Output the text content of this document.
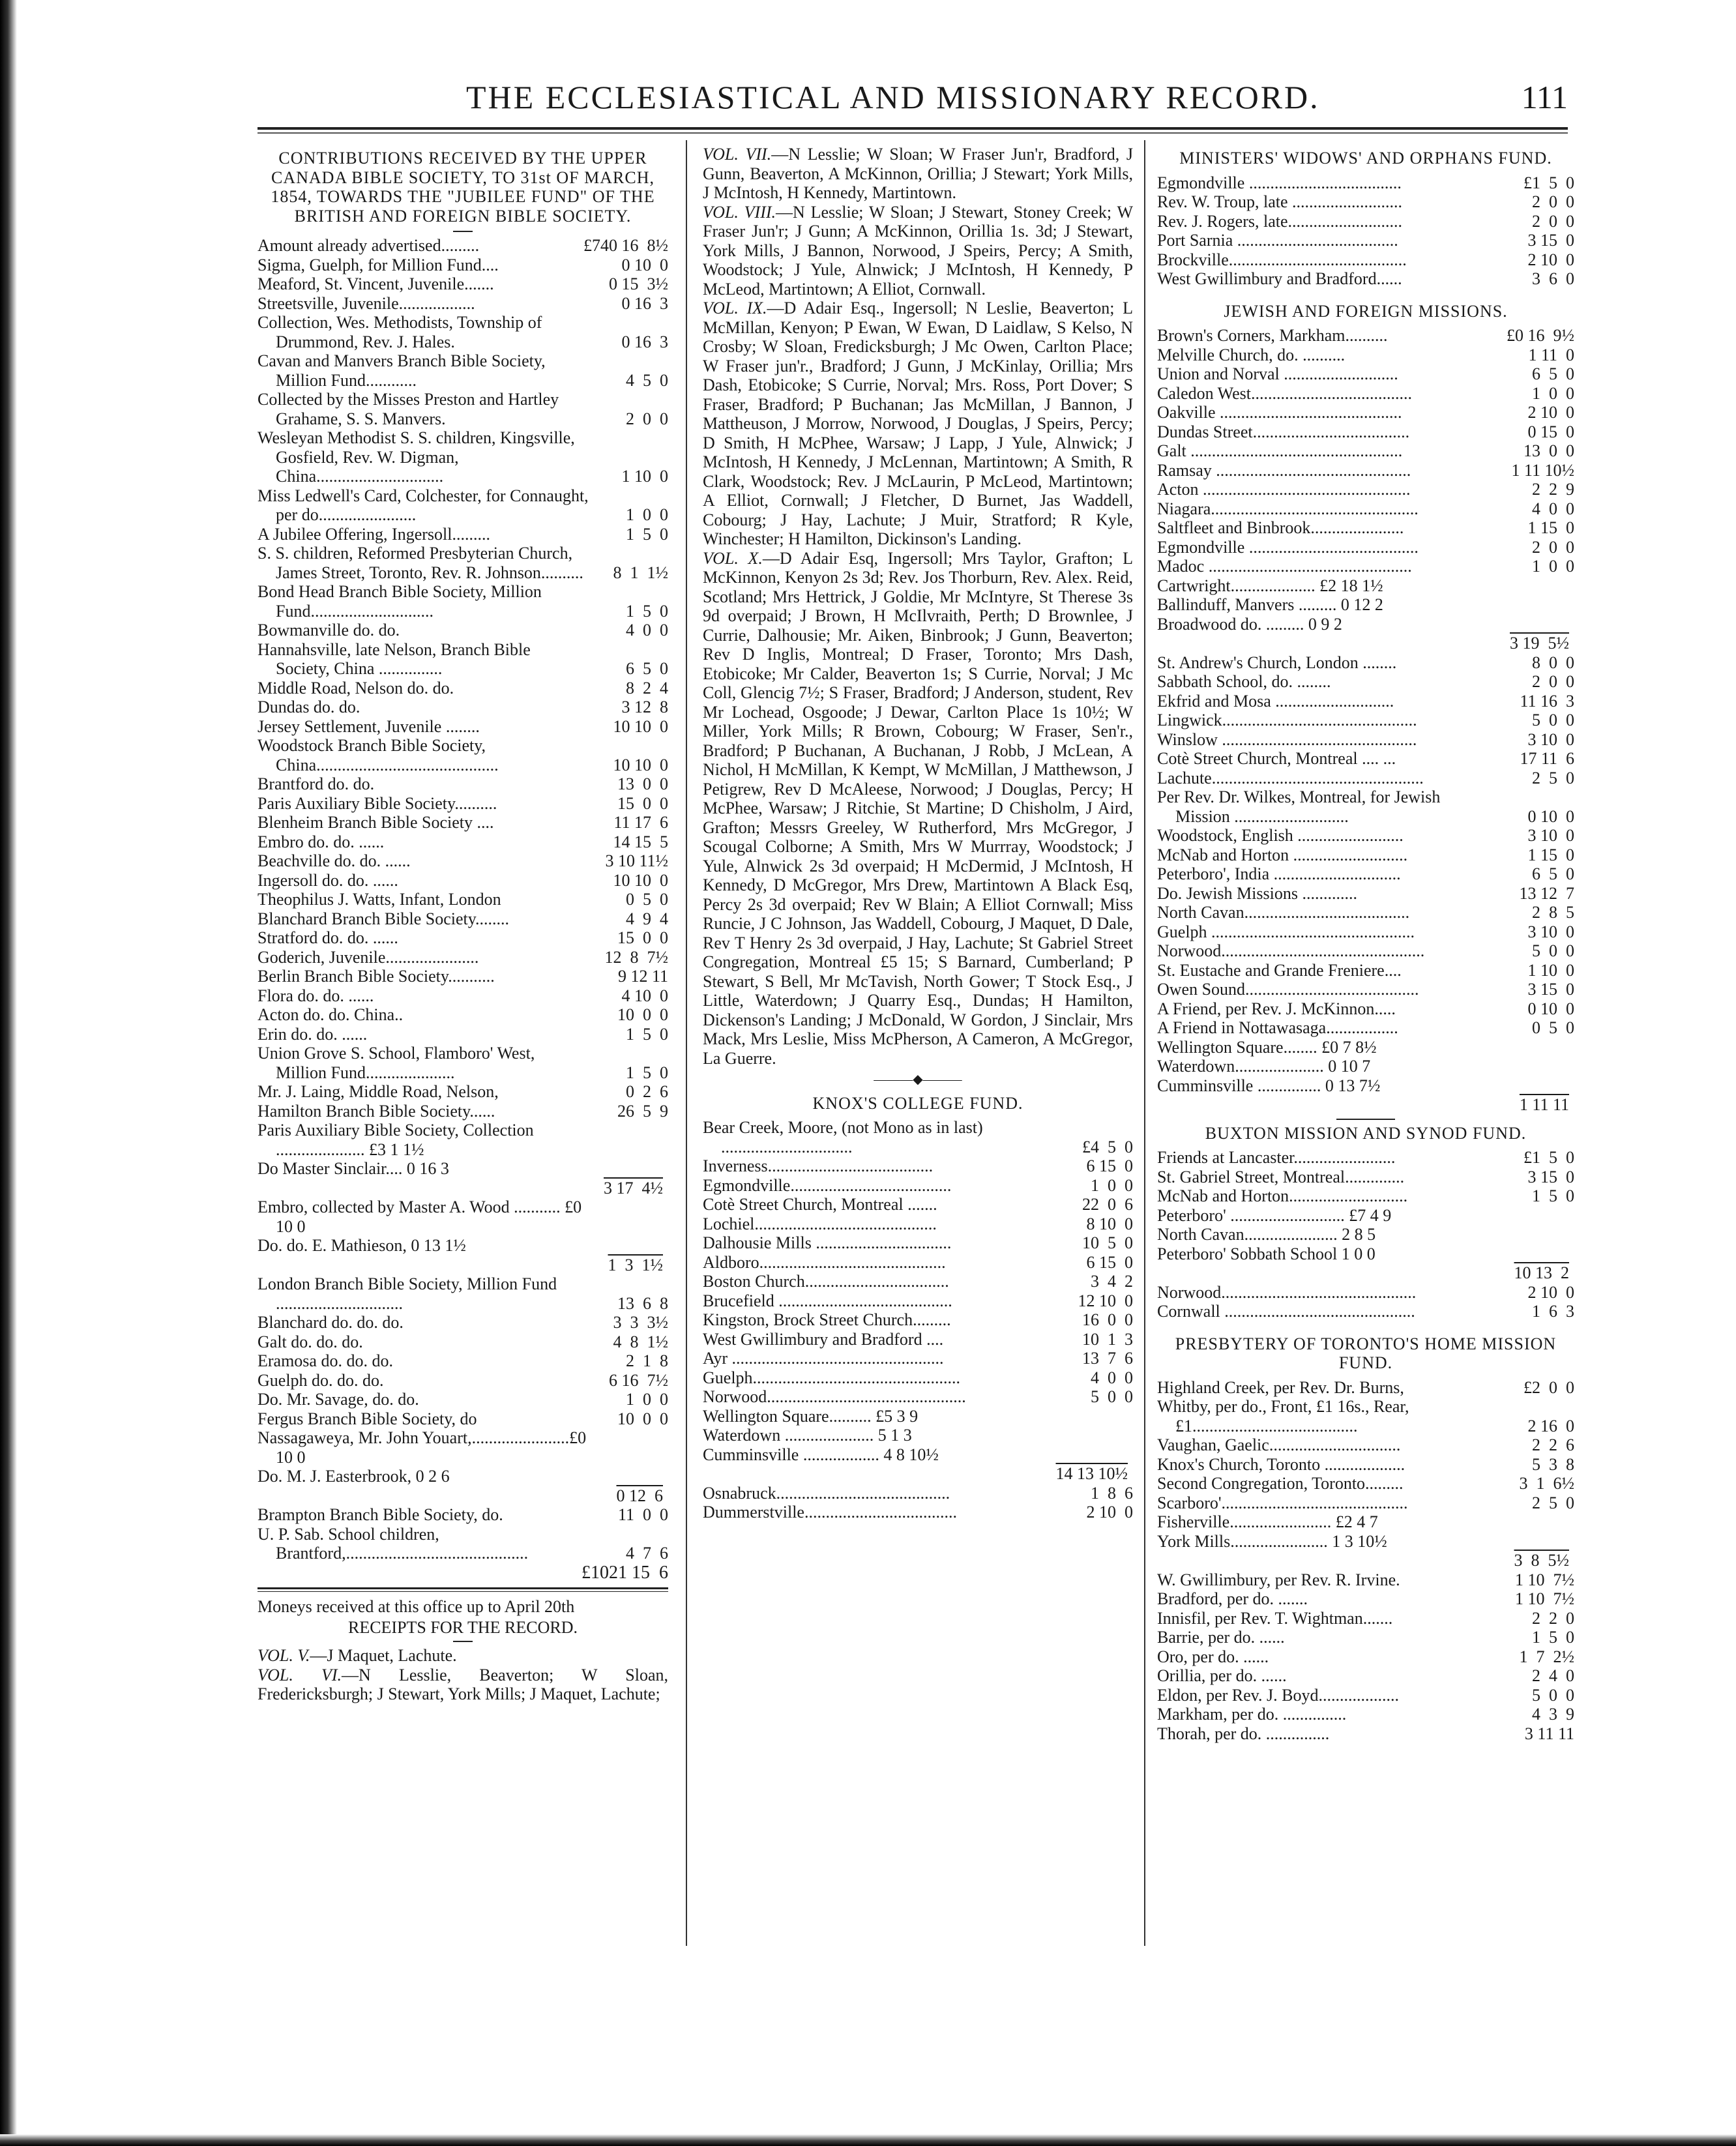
THE ECCLESIASTICAL AND MISSIONARY RECORD.	111
CONTRIBUTIONS RECEIVED BY THE UPPER CANADA BIBLE SOCIETY, TO 31st OF MARCH, 1854, TOWARDS THE "JUBILEE FUND" OF THE BRITISH AND FOREIGN BIBLE SOCIETY.
Amount already advertised.........	£740 16  8½
Sigma, Guelph, for Million Fund....	0 10  0
Meaford, St. Vincent, Juvenile.......	0 15  3½
Streetsville, Juvenile..................	0 16  3
Collection, Wes. Methodists, Township of Drummond, Rev. J. Hales.	0 16  3
Cavan and Manvers Branch Bible Society, Million Fund............	4  5  0
Collected by the Misses Preston and Hartley Grahame, S. S. Manvers.	2  0  0
Wesleyan Methodist S. S. children, Kingsville, Gosfield, Rev. W. Digman, China..............................	1 10  0
Miss Ledwell's Card, Colchester, for Connaught, per do.......................	1  0  0
A Jubilee Offering, Ingersoll.........	1  5  0
S. S. children, Reformed Presbyterian Church, James Street, Toronto, Rev. R. Johnson..........	8  1  1½
Bond Head Branch Bible Society, Million Fund.............................	1  5  0
Bowmanville do. do.	4  0  0
Hannahsville, late Nelson, Branch Bible Society, China ...............	6  5  0
Middle Road, Nelson do. do.	8  2  4
Dundas do. do.	3 12  8
Jersey Settlement, Juvenile ........	10 10  0
Woodstock Branch Bible Society, China...........................................	10 10  0
Brantford do. do.	13  0  0
Paris Auxiliary Bible Society..........	15  0  0
Blenheim Branch Bible Society ....	11 17  6
Embro do. do. ......	14 15  5
Beachville do. do. ......	3 10 11½
Ingersoll do. do. ......	10 10  0
Theophilus J. Watts, Infant, London	0  5  0
Blanchard Branch Bible Society........	4  9  4
Stratford do. do. ......	15  0  0
Goderich, Juvenile......................	12  8  7½
Berlin Branch Bible Society...........	9 12 11
Flora do. do. ......	4 10  0
Acton do. do. China..	10  0  0
Erin do. do. ......	1  5  0
Union Grove S. School, Flamboro' West, Million Fund.....................	1  5  0
Mr. J. Laing, Middle Road, Nelson,	0  2  6
Hamilton Branch Bible Society......	26  5  9
Paris Auxiliary Bible Society, Collection ..................... £3 1 1½
Do Master Sinclair.... 0 16 3
3 17  4½
Embro, collected by Master A. Wood ........... £0 10 0
Do. do. E. Mathieson, 0 13 1½
1  3  1½
London Branch Bible Society, Million Fund ..............................	13  6  8
Blanchard do. do. do.	3  3  3½
Galt do. do. do.	4  8  1½
Eramosa do. do. do.	2  1  8
Guelph do. do. do.	6 16  7½
Do. Mr. Savage, do. do.	1  0  0
Fergus Branch Bible Society, do	10  0  0
Nassagaweya, Mr. John Youart,.......................£0 10 0
Do. M. J. Easterbrook, 0 2 6
0 12  6
Brampton Branch Bible Society, do.	11  0  0
U. P. Sab. School children, Brantford,...........................................	4  7  6
£1021 15  6
Moneys received at this office up to April 20th
RECEIPTS FOR THE RECORD.
VOL. V.—J Maquet, Lachute.
VOL. VI.—N Lesslie, Beaverton; W Sloan, Fredericksburgh; J Stewart, York Mills; J Maquet, Lachute;
VOL. VII.—N Lesslie; W Sloan; W Fraser Jun'r, Bradford, J Gunn, Beaverton, A McKinnon, Orillia; J Stewart; York Mills, J McIntosh, H Kennedy, Martintown.
VOL. VIII.—N Lesslie; W Sloan; J Stewart, Stoney Creek; W Fraser Jun'r; J Gunn; A McKinnon, Orillia 1s. 3d; J Stewart, York Mills, J Bannon, Norwood, J Speirs, Percy; A Smith, Woodstock; J Yule, Alnwick; J McIntosh, H Kennedy, P McLeod, Martintown; A Elliot, Cornwall.
VOL. IX.—D Adair Esq., Ingersoll; N Leslie, Beaverton; L McMillan, Kenyon; P Ewan, W Ewan, D Laidlaw, S Kelso, N Crosby; W Sloan, Fredicksburgh; J Mc Owen, Carlton Place; W Fraser jun'r., Bradford; J Gunn, J McKinlay, Orillia; Mrs Dash, Etobicoke; S Currie, Norval; Mrs. Ross, Port Dover; S Fraser, Bradford; P Buchanan; Jas McMillan, J Bannon, J Mattheuson, J Morrow, Norwood, J Douglas, J Speirs, Percy; D Smith, H McPhee, Warsaw; J Lapp, J Yule, Alnwick; J McIntosh, H Kennedy, J McLennan, Martintown; A Smith, R Clark, Woodstock; Rev. J McLaurin, P McLeod, Martintown; A Elliot, Cornwall; J Fletcher, D Burnet, Jas Waddell, Cobourg; J Hay, Lachute; J Muir, Stratford; R Kyle, Winchester; H Hamilton, Dickinson's Landing.
VOL. X.—D Adair Esq, Ingersoll; Mrs Taylor, Grafton; L McKinnon, Kenyon 2s 3d; Rev. Jos Thorburn, Rev. Alex. Reid, Scotland; Mrs Hettrick, J Goldie, Mr McIntyre, St Therese 3s 9d overpaid; J Brown, H McIlvraith, Perth; D Brownlee, J Currie, Dalhousie; Mr. Aiken, Binbrook; J Gunn, Beaverton; Rev D Inglis, Montreal; D Fraser, Toronto; Mrs Dash, Etobicoke; Mr Calder, Beaverton 1s; S Currie, Norval; J Mc Coll, Glencig 7½; S Fraser, Bradford; J Anderson, student, Rev Mr Lochead, Osgoode; J Dewar, Carlton Place 1s 10½; W Miller, York Mills; R Brown, Cobourg; W Fraser, Sen'r., Bradford; P Buchanan, A Buchanan, J Robb, J McLean, A Nichol, H McMillan, K Kempt, W McMillan, J Matthewson, J Petigrew, Rev D McAleese, Norwood; J Douglas, Percy; H McPhee, Warsaw; J Ritchie, St Martine; D Chisholm, J Aird, Grafton; Messrs Greeley, W Rutherford, Mrs McGregor, J Scougal Colborne; A Smith, Mrs W Murrray, Woodstock; J Yule, Alnwick 2s 3d overpaid; H McDermid, J McIntosh, H Kennedy, D McGregor, Mrs Drew, Martintown A Black Esq, Percy 2s 3d overpaid; Rev W Blain; A Elliot Cornwall; Miss Runcie, J C Johnson, Jas Waddell, Cobourg, J Maquet, D Dale, Rev T Henry 2s 3d overpaid, J Hay, Lachute; St Gabriel Street Congregation, Montreal £5 15; S Barnard, Cumberland; P Stewart, S Bell, Mr McTavish, North Gower; T Stock Esq., J Little, Waterdown; J Quarry Esq., Dundas; H Hamilton, Dickenson's Landing; J McDonald, W Gordon, J Sinclair, Mrs Mack, Mrs Leslie, Miss McPherson, A Cameron, A McGregor, La Guerre.
———◆———
KNOX'S COLLEGE FUND.
Bear Creek, Moore, (not Mono as in last) ...............................	£4  5  0
Inverness.......................................	6 15  0
Egmondville......................................	1  0  0
Cotè Street Church, Montreal .......	22  0  6
Lochiel...........................................	8 10  0
Dalhousie Mills ................................	10  5  0
Aldboro............................................	6 15  0
Boston Church..................................	3  4  2
Brucefield .........................................	12 10  0
Kingston, Brock Street Church.........	16  0  0
West Gwillimbury and Bradford ....	10  1  3
Ayr ..................................................	13  7  6
Guelph.................................................	4  0  0
Norwood...............................................	5  0  0
Wellington Square.......... £5 3 9
Waterdown ..................... 5 1 3
Cumminsville .................. 4 8 10½
14 13 10½
Osnabruck.........................................	1  8  6
Dummerstville....................................	2 10  0
MINISTERS' WIDOWS' AND ORPHANS FUND.
Egmondville ....................................	£1  5  0
Rev. W. Troup, late ..........................	2  0  0
Rev. J. Rogers, late...........................	2  0  0
Port Sarnia ......................................	3 15  0
Brockville..........................................	2 10  0
West Gwillimbury and Bradford......	3  6  0
JEWISH AND FOREIGN MISSIONS.
Brown's Corners, Markham..........	£0 16  9½
Melville Church, do. ..........	1 11  0
Union and Norval ...........................	6  5  0
Caledon West......................................	1  0  0
Oakville ...........................................	2 10  0
Dundas Street.....................................	0 15  0
Galt ..................................................	13  0  0
Ramsay ..............................................	1 11 10½
Acton .................................................	2  2  9
Niagara.................................................	4  0  0
Saltfleet and Binbrook......................	1 15  0
Egmondville ........................................	2  0  0
Madoc ................................................	1  0  0
Cartwright.................... £2 18 1½
Ballinduff, Manvers ......... 0 12 2
Broadwood do. ......... 0 9 2
3 19  5½
St. Andrew's Church, London ........	8  0  0
Sabbath School, do. ........	2  0  0
Ekfrid and Mosa ............................	11 16  3
Lingwick..............................................	5  0  0
Winslow ..............................................	3 10  0
Cotè Street Church, Montreal .... ...	17 11  6
Lachute..................................................	2  5  0
Per Rev. Dr. Wilkes, Montreal, for Jewish Mission ...........................	0 10  0
Woodstock, English .........................	3 10  0
McNab and Horton ...........................	1 15  0
Peterboro', India ..............................	6  5  0
Do. Jewish Missions .............	13 12  7
North Cavan.......................................	2  8  5
Guelph ................................................	3 10  0
Norwood................................................	5  0  0
St. Eustache and Grande Freniere....	1 10  0
Owen Sound.........................................	3 15  0
A Friend, per Rev. J. McKinnon.....	0 10  0
A Friend in Nottawasaga.................	0  5  0
Wellington Square........ £0 7 8½
Waterdown..................... 0 10 7
Cumminsville ............... 0 13 7½
1 11 11
BUXTON MISSION AND SYNOD FUND.
Friends at Lancaster........................	£1  5  0
St. Gabriel Street, Montreal..............	3 15  0
McNab and Horton............................	1  5  0
Peterboro' ........................... £7 4 9
North Cavan...................... 2 8 5
Peterboro' Sobbath School 1 0 0
10 13  2
Norwood..............................................	2 10  0
Cornwall .............................................	1  6  3
PRESBYTERY OF TORONTO'S HOME MISSION FUND.
Highland Creek, per Rev. Dr. Burns,	£2  0  0
Whitby, per do., Front, £1 16s., Rear, £1.......................................	2 16  0
Vaughan, Gaelic...............................	2  2  6
Knox's Church, Toronto ...................	5  3  8
Second Congregation, Toronto.........	3  1  6½
Scarboro'............................................	2  5  0
Fisherville........................ £2 4 7
York Mills....................... 1 3 10½
3  8  5½
W. Gwillimbury, per Rev. R. Irvine.	1 10  7½
Bradford, per do. .......	1 10  7½
Innisfil, per Rev. T. Wightman.......	2  2  0
Barrie, per do. ......	1  5  0
Oro, per do. ......	1  7  2½
Orillia, per do. ......	2  4  0
Eldon, per Rev. J. Boyd...................	5  0  0
Markham, per do. ...............	4  3  9
Thorah, per do. ...............	3 11 11
